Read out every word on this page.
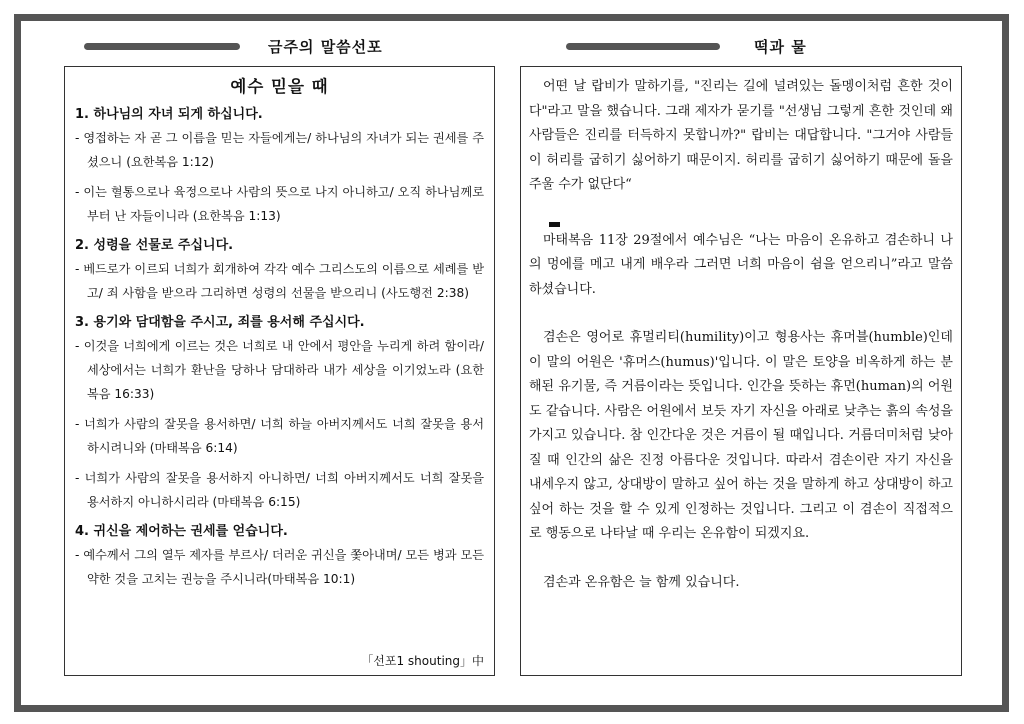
금주의 말씀선포	떡과 물
예수 믿을 때
1. 하나님의 자녀 되게 하십니다.
- 영접하는 자 곧 그 이름을 믿는 자들에게는/ 하나님의 자녀가 되는 권세를 주셨으니 (요한복음 1:12)
- 이는 혈통으로나 육정으로나 사람의 뜻으로 나지 아니하고/ 오직 하나님께로부터 난 자들이니라 (요한복음 1:13)
2. 성령을 선물로 주십니다.
- 베드로가 이르되 너희가 회개하여 각각 예수 그리스도의 이름으로 세례를 받고/ 죄 사함을 받으라 그리하면 성령의 선물을 받으리니 (사도행전 2:38)
3. 용기와 담대함을 주시고, 죄를 용서해 주십시다.
- 이것을 너희에게 이르는 것은 너희로 내 안에서 평안을 누리게 하려 함이라/ 세상에서는 너희가 환난을 당하나 담대하라 내가 세상을 이기었노라 (요한복음 16:33)
- 너희가 사람의 잘못을 용서하면/ 너희 하늘 아버지께서도 너희 잘못을 용서하시려니와 (마태복음 6:14)
- 너희가 사람의 잘못을 용서하지 아니하면/ 너희 아버지께서도 너희 잘못을 용서하지 아니하시리라 (마태복음 6:15)
4. 귀신을 제어하는 권세를 얻습니다.
- 예수께서 그의 열두 제자를 부르사/ 더러운 귀신을 쫓아내며/ 모든 병과 모든 약한 것을 고치는 권능을 주시니라(마태복음 10:1)
「선포1 shouting」中

어떤 날 랍비가 말하기를, "진리는 길에 널려있는 돌멩이처럼 흔한 것이다"라고 말을 했습니다. 그래 제자가 묻기를 "선생님 그렇게 흔한 것인데 왜 사람들은 진리를 터득하지 못합니까?" 랍비는 대답합니다. "그거야 사람들이 허리를 굽히기 싫어하기 때문이지. 허리를 굽히기 싫어하기 때문에 돌을 주울 수가 없단다“

마태복음 11장 29절에서 예수님은 “나는 마음이 온유하고 겸손하니 나의 멍에를 메고 내게 배우라 그러면 너희 마음이 쉼을 얻으리니”라고 말씀하셨습니다.

겸손은 영어로 휴멀리티(humility)이고 형용사는 휴머블(humble)인데 이 말의 어원은 '휴머스(humus)'입니다. 이 말은 토양을 비옥하게 하는 분해된 유기물, 즉 거름이라는 뜻입니다. 인간을 뜻하는 휴먼(human)의 어원도 같습니다. 사람은 어원에서 보듯 자기 자신을 아래로 낮추는 흙의 속성을 가지고 있습니다. 참 인간다운 것은 거름이 될 때입니다. 거름더미처럼 낮아질 때 인간의 삶은 진정 아름다운 것입니다. 따라서 겸손이란 자기 자신을 내세우지 않고, 상대방이 말하고 싶어 하는 것을 말하게 하고 상대방이 하고 싶어 하는 것을 할 수 있게 인정하는 것입니다. 그리고 이 겸손이 직접적으로 행동으로 나타날 때 우리는 온유함이 되겠지요.

겸손과 온유함은 늘 함께 있습니다.
